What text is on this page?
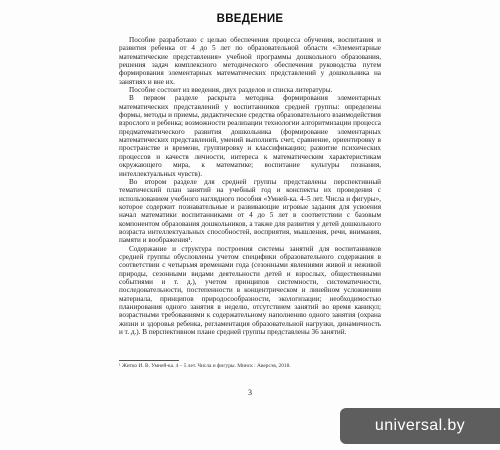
ВВЕДЕНИЕ

Пособие разработано с целью обеспечения процесса обучения, воспитания и развития ребенка от 4 до 5 лет по образовательной области «Элементарные математические представления» учебной программы дошкольного образования, решения задач комплексного методического обеспечения руководства путем формирования элементарных математических представлений у дошкольника на занятиях и вне их.

Пособие состоит из введения, двух разделов и списка литературы.

В первом разделе раскрыта методика формирования элементарных математических представлений у воспитанников средней группы: определены формы, методы и приемы, дидактические средства образовательного взаимодействия взрослого и ребенка; возможности реализации технологии алгоритмизации процесса предматематического развития дошкольника (формирование элементарных математических представлений, умений выполнять счет, сравнение, ориентировку в пространстве и времени, группировку и классификацию; развитие психических процессов и качеств личности, интереса к математическим характеристикам окружающего мира, к математике; воспитание культуры познания, интеллектуальных чувств).

Во втором разделе для средней группы представлены перспективный тематический план занятий на учебный год и конспекты их проведения с использованием учебного наглядного пособия «Умней-ка. 4–5 лет. Числа и фигуры», которое содержит познавательные и развивающие игровые задания для усвоения начал математики воспитанниками от 4 до 5 лет в соответствии с базовым компонентом образования дошкольников, а также для развития у детей дошкольного возраста интеллектуальных способностей, восприятия, мышления, речи, внимания, памяти и воображения¹.

Содержание и структура построения системы занятий для воспитанников средней группы обусловлены учетом специфики образовательного содержания в соответствии с четырьмя временами года (сезонными явлениями живой и неживой природы, сезонными видами деятельности детей и взрослых, общественными событиями и т. д.), учетом принципов системности, систематичности, последовательности, постепенности в концентрическом и линейном усложнении материала, принципов природосообразности, экологизации; необходимостью планирования одного занятия в неделю, отсутствием занятий во время каникул; возрастными требованиями к содержательному наполнению одного занятия (охрана жизни и здоровья ребенка, регламентация образовательной нагрузки, динамичность и т. д.). В перспективном плане средней группы представлены 36 занятий.

¹ Житко И. В. Умней-ка. 4 – 5 лет. Числа и фигуры. Минск : Аверсэв, 2018.
3
universal.by
